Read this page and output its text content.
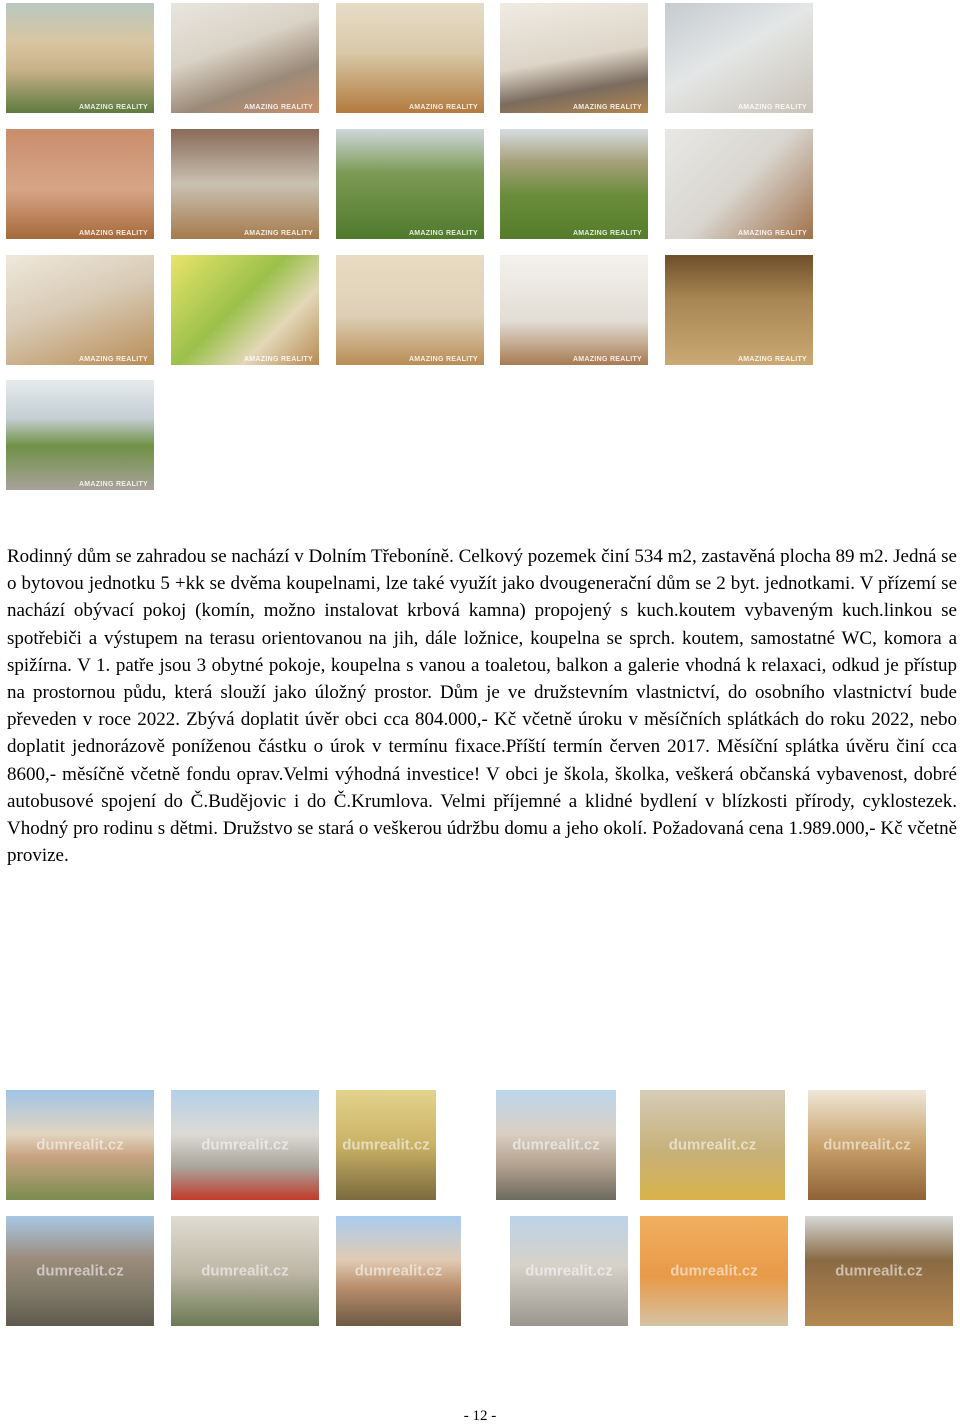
AMAZING REALITY	AMAZING REALITY	AMAZING REALITY	AMAZING REALITY	AMAZING REALITY
AMAZING REALITY	AMAZING REALITY	AMAZING REALITY	AMAZING REALITY	AMAZING REALITY
AMAZING REALITY	AMAZING REALITY	AMAZING REALITY	AMAZING REALITY	AMAZING REALITY
AMAZING REALITY

Rodinný dům se zahradou se nachází v Dolním Třeboníně. Celkový pozemek činí 534 m2, zastavěná plocha 89 m2. Jedná se o bytovou jednotku 5 +kk se dvěma koupelnami, lze také využít jako dvougenerační dům se 2 byt. jednotkami. V přízemí se nachází obývací pokoj (komín, možno instalovat krbová kamna) propojený s kuch.koutem vybaveným kuch.linkou se spotřebiči a výstupem na terasu orientovanou na jih, dále ložnice, koupelna se sprch. koutem, samostatné WC, komora a spižírna. V 1. patře jsou 3 obytné pokoje, koupelna s vanou a toaletou, balkon a galerie vhodná k relaxaci, odkud je přístup na prostornou půdu, která slouží jako úložný prostor. Dům je ve družstevním vlastnictví, do osobního vlastnictví bude převeden v roce 2022. Zbývá doplatit úvěr obci cca 804.000,- Kč včetně úroku v měsíčních splátkách do roku 2022, nebo doplatit jednorázově poníženou částku o úrok v termínu fixace.Příští termín červen 2017. Měsíční splátka úvěru činí cca 8600,- měsíčně včetně fondu oprav.Velmi výhodná investice! V obci je škola, školka, veškerá občanská vybavenost, dobré autobusové spojení do Č.Budějovic i do Č.Krumlova. Velmi příjemné a klidné bydlení v blízkosti přírody, cyklostezek. Vhodný pro rodinu s dětmi. Družstvo se stará o veškerou údržbu domu a jeho okolí. Požadovaná cena 1.989.000,- Kč včetně provize.

dumrealit.cz	dumrealit.cz	dumrealit.cz	dumrealit.cz	dumrealit.cz	dumrealit.cz
dumrealit.cz	dumrealit.cz	dumrealit.cz	dumrealit.cz	dumrealit.cz	dumrealit.cz
- 12 -
